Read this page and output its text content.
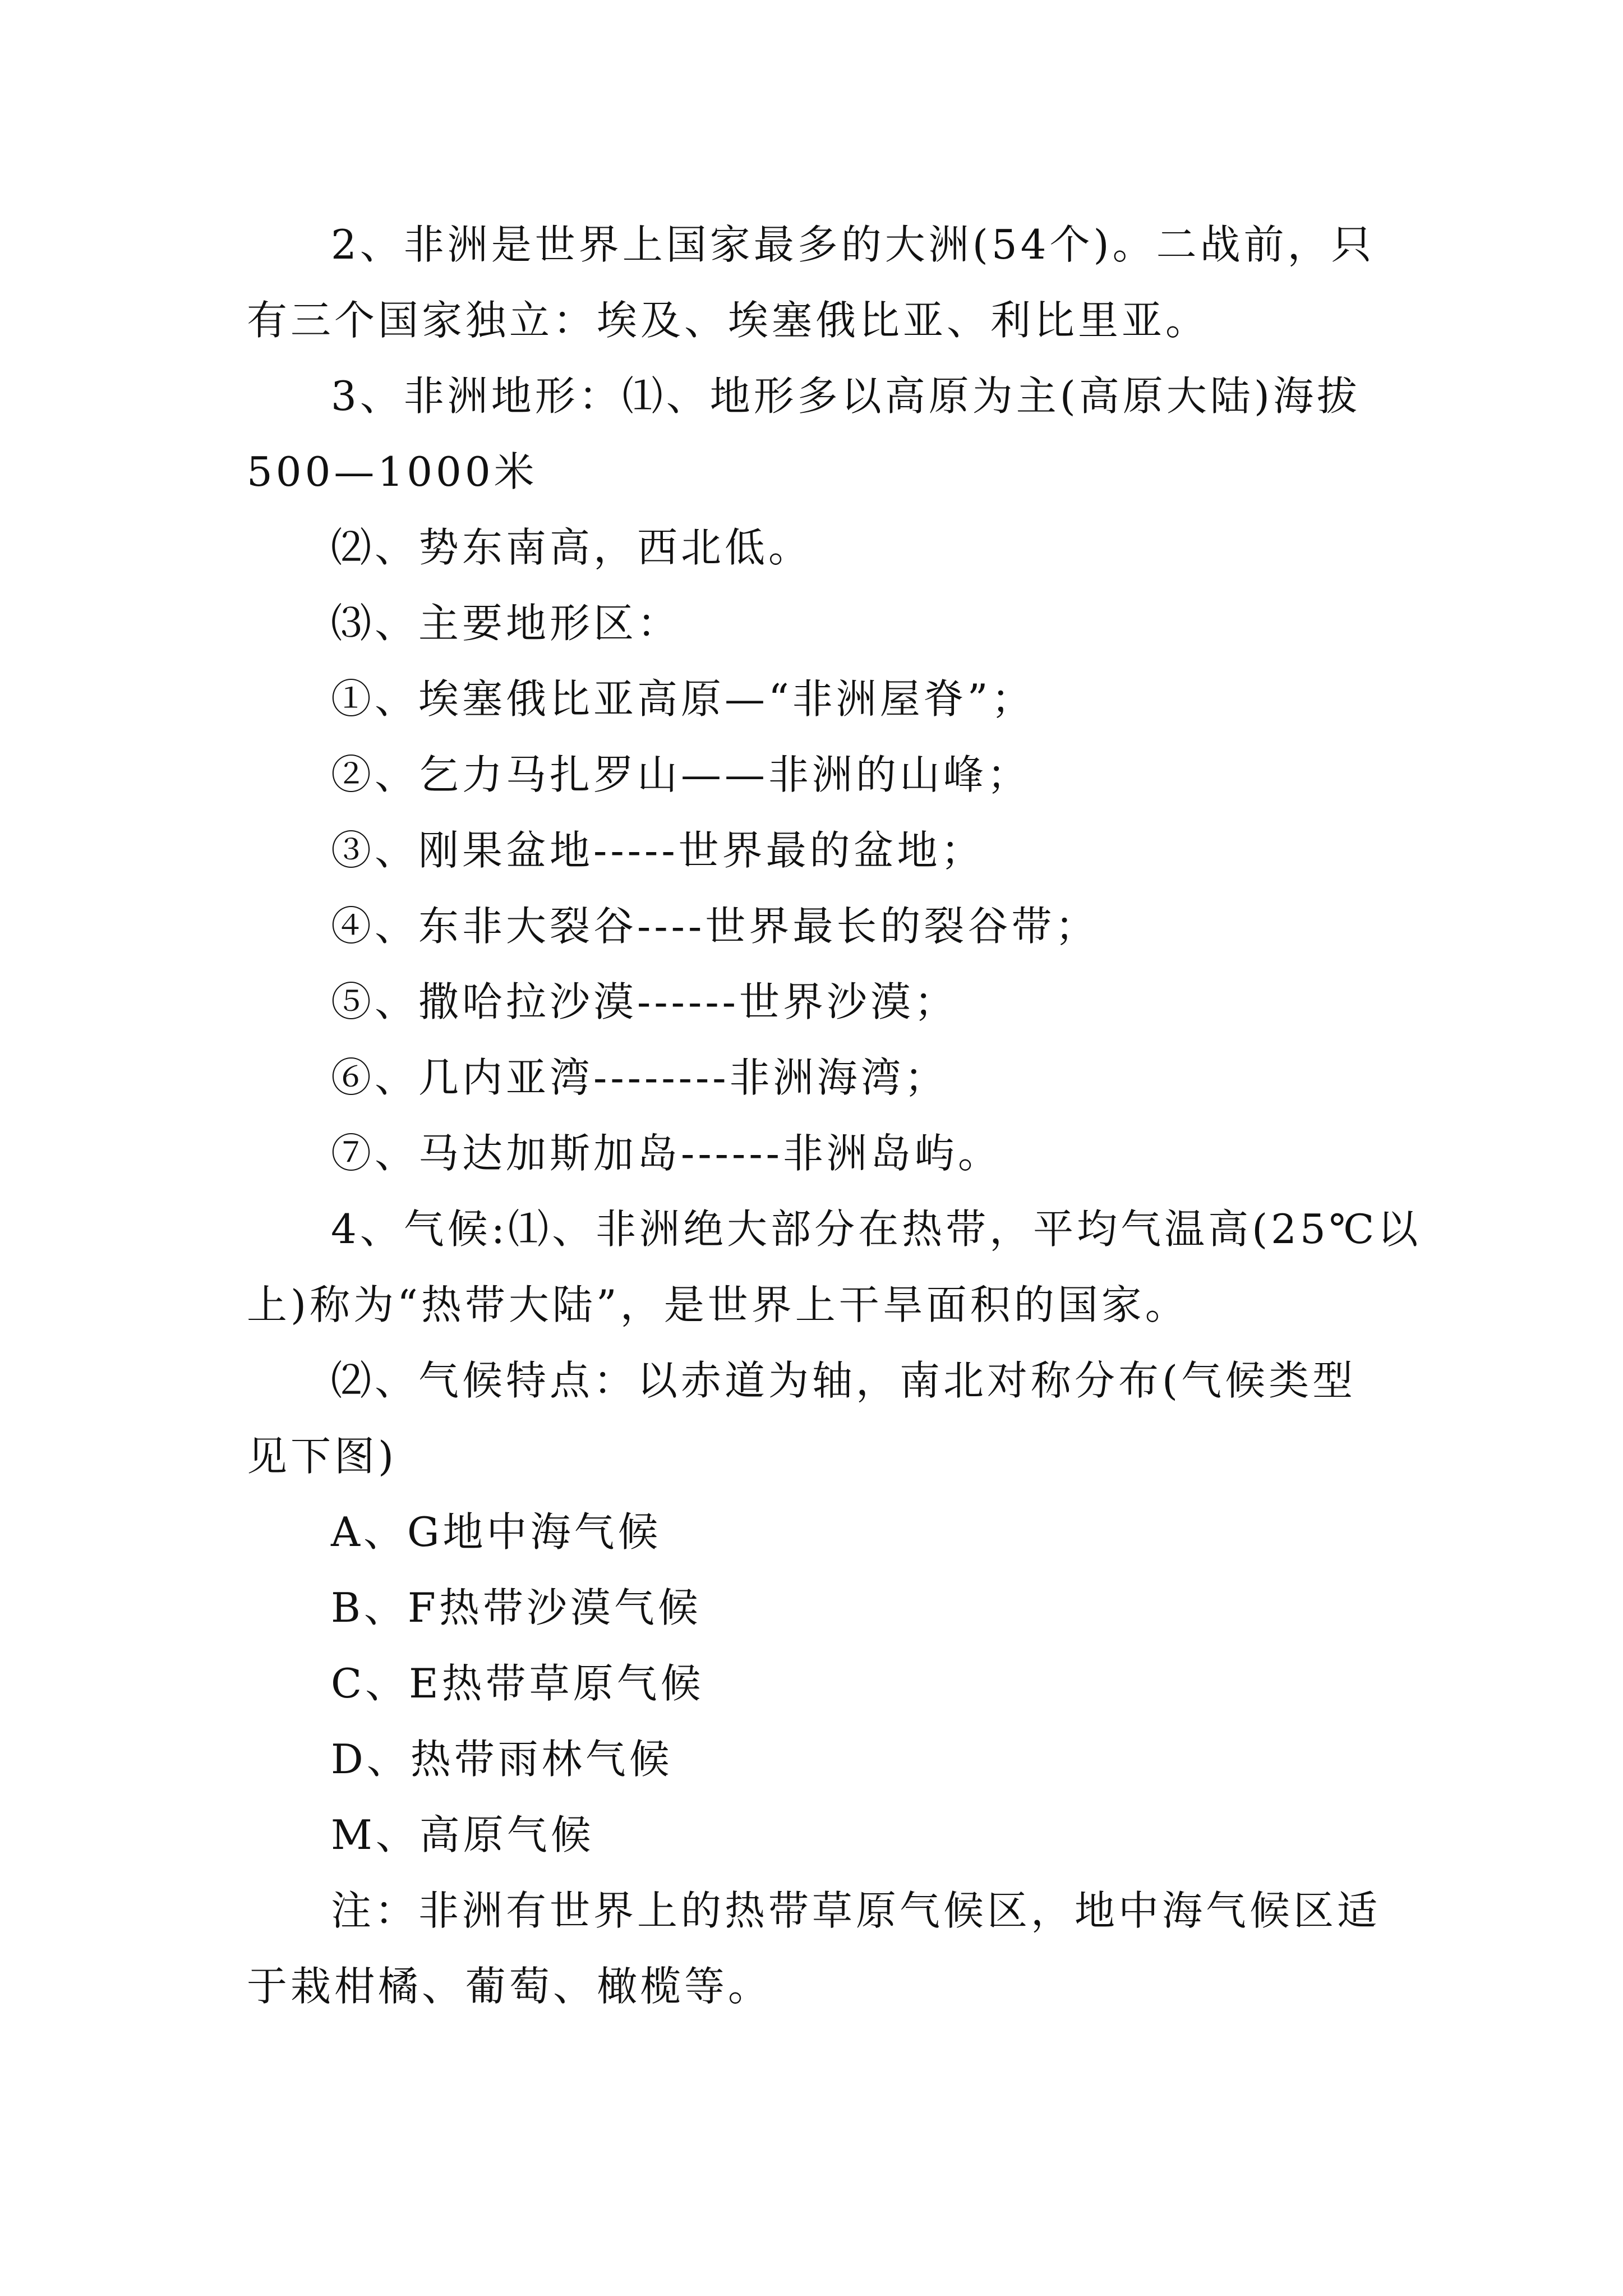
2、非洲是世界上国家最多的大洲(54个)。二战前，只
有三个国家独立：埃及、埃塞俄比亚、利比里亚。
3、非洲地形：⑴、地形多以高原为主(高原大陆)海拔
500—1000米
⑵、势东南高，西北低。
⑶、主要地形区：
①、埃塞俄比亚高原—“非洲屋脊”；
②、乞力马扎罗山——非洲的山峰；
③、刚果盆地-----世界最的盆地；
④、东非大裂谷----世界最长的裂谷带；
⑤、撒哈拉沙漠------世界沙漠；
⑥、几内亚湾--------非洲海湾；
⑦、马达加斯加岛------非洲岛屿。
4、气候:⑴、非洲绝大部分在热带，平均气温高(25℃以
上)称为“热带大陆”，是世界上干旱面积的国家。
⑵、气候特点：以赤道为轴，南北对称分布(气候类型
见下图)
A、G地中海气候
B、F热带沙漠气候
C、E热带草原气候
D、热带雨林气候
M、高原气候
注：非洲有世界上的热带草原气候区，地中海气候区适
于栽柑橘、葡萄、橄榄等。
